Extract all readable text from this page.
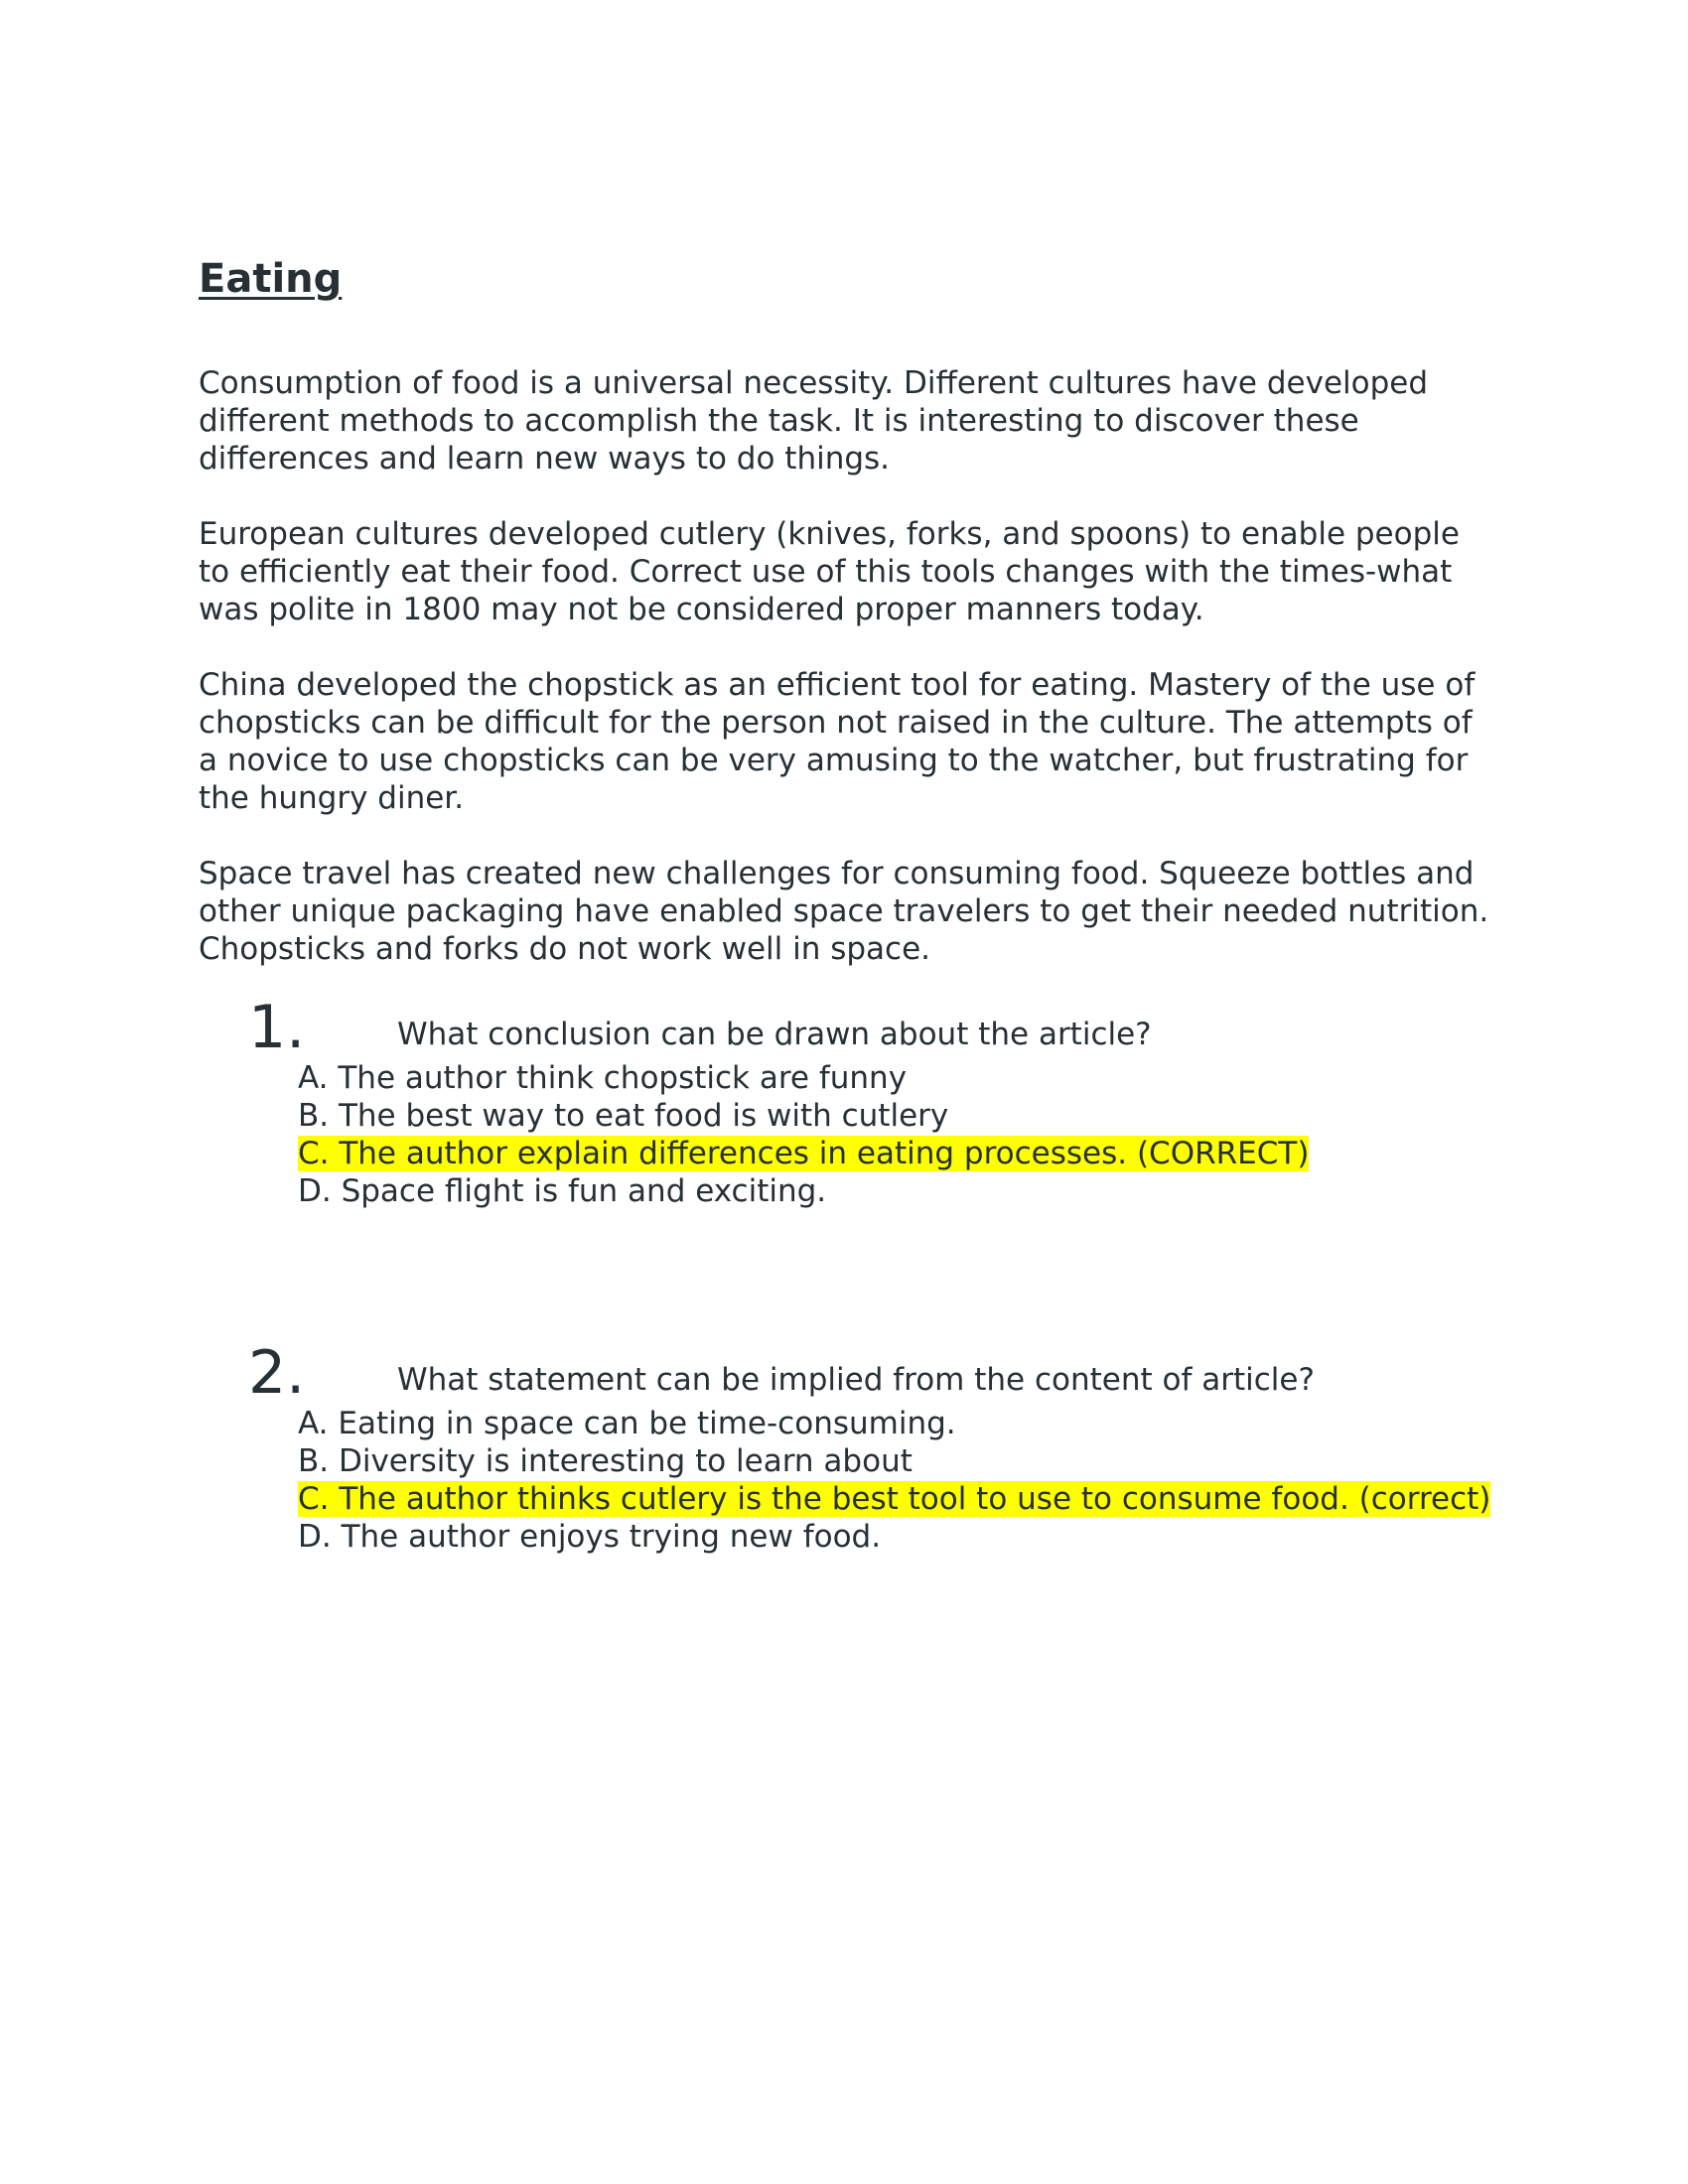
Eating

Consumption of food is a universal necessity. Different cultures have developed different methods to accomplish the task. It is interesting to discover these differences and learn new ways to do things.

European cultures developed cutlery (knives, forks, and spoons) to enable people to efficiently eat their food. Correct use of this tools changes with the times-what was polite in 1800 may not be considered proper manners today.

China developed the chopstick as an efficient tool for eating. Mastery of the use of chopsticks can be difficult for the person not raised in the culture. The attempts of a novice to use chopsticks can be very amusing to the watcher, but frustrating for the hungry diner.

Space travel has created new challenges for consuming food. Squeeze bottles and other unique packaging have enabled space travelers to get their needed nutrition. Chopsticks and forks do not work well in space.

1.	What conclusion can be drawn about the article?
A. The author think chopstick are funny
B. The best way to eat food is with cutlery
C. The author explain differences in eating processes. (CORRECT)
D. Space flight is fun and exciting.
2.	What statement can be implied from the content of article?
A. Eating in space can be time-consuming.
B. Diversity is interesting to learn about
C. The author thinks cutlery is the best tool to use to consume food. (correct)
D. The author enjoys trying new food.
